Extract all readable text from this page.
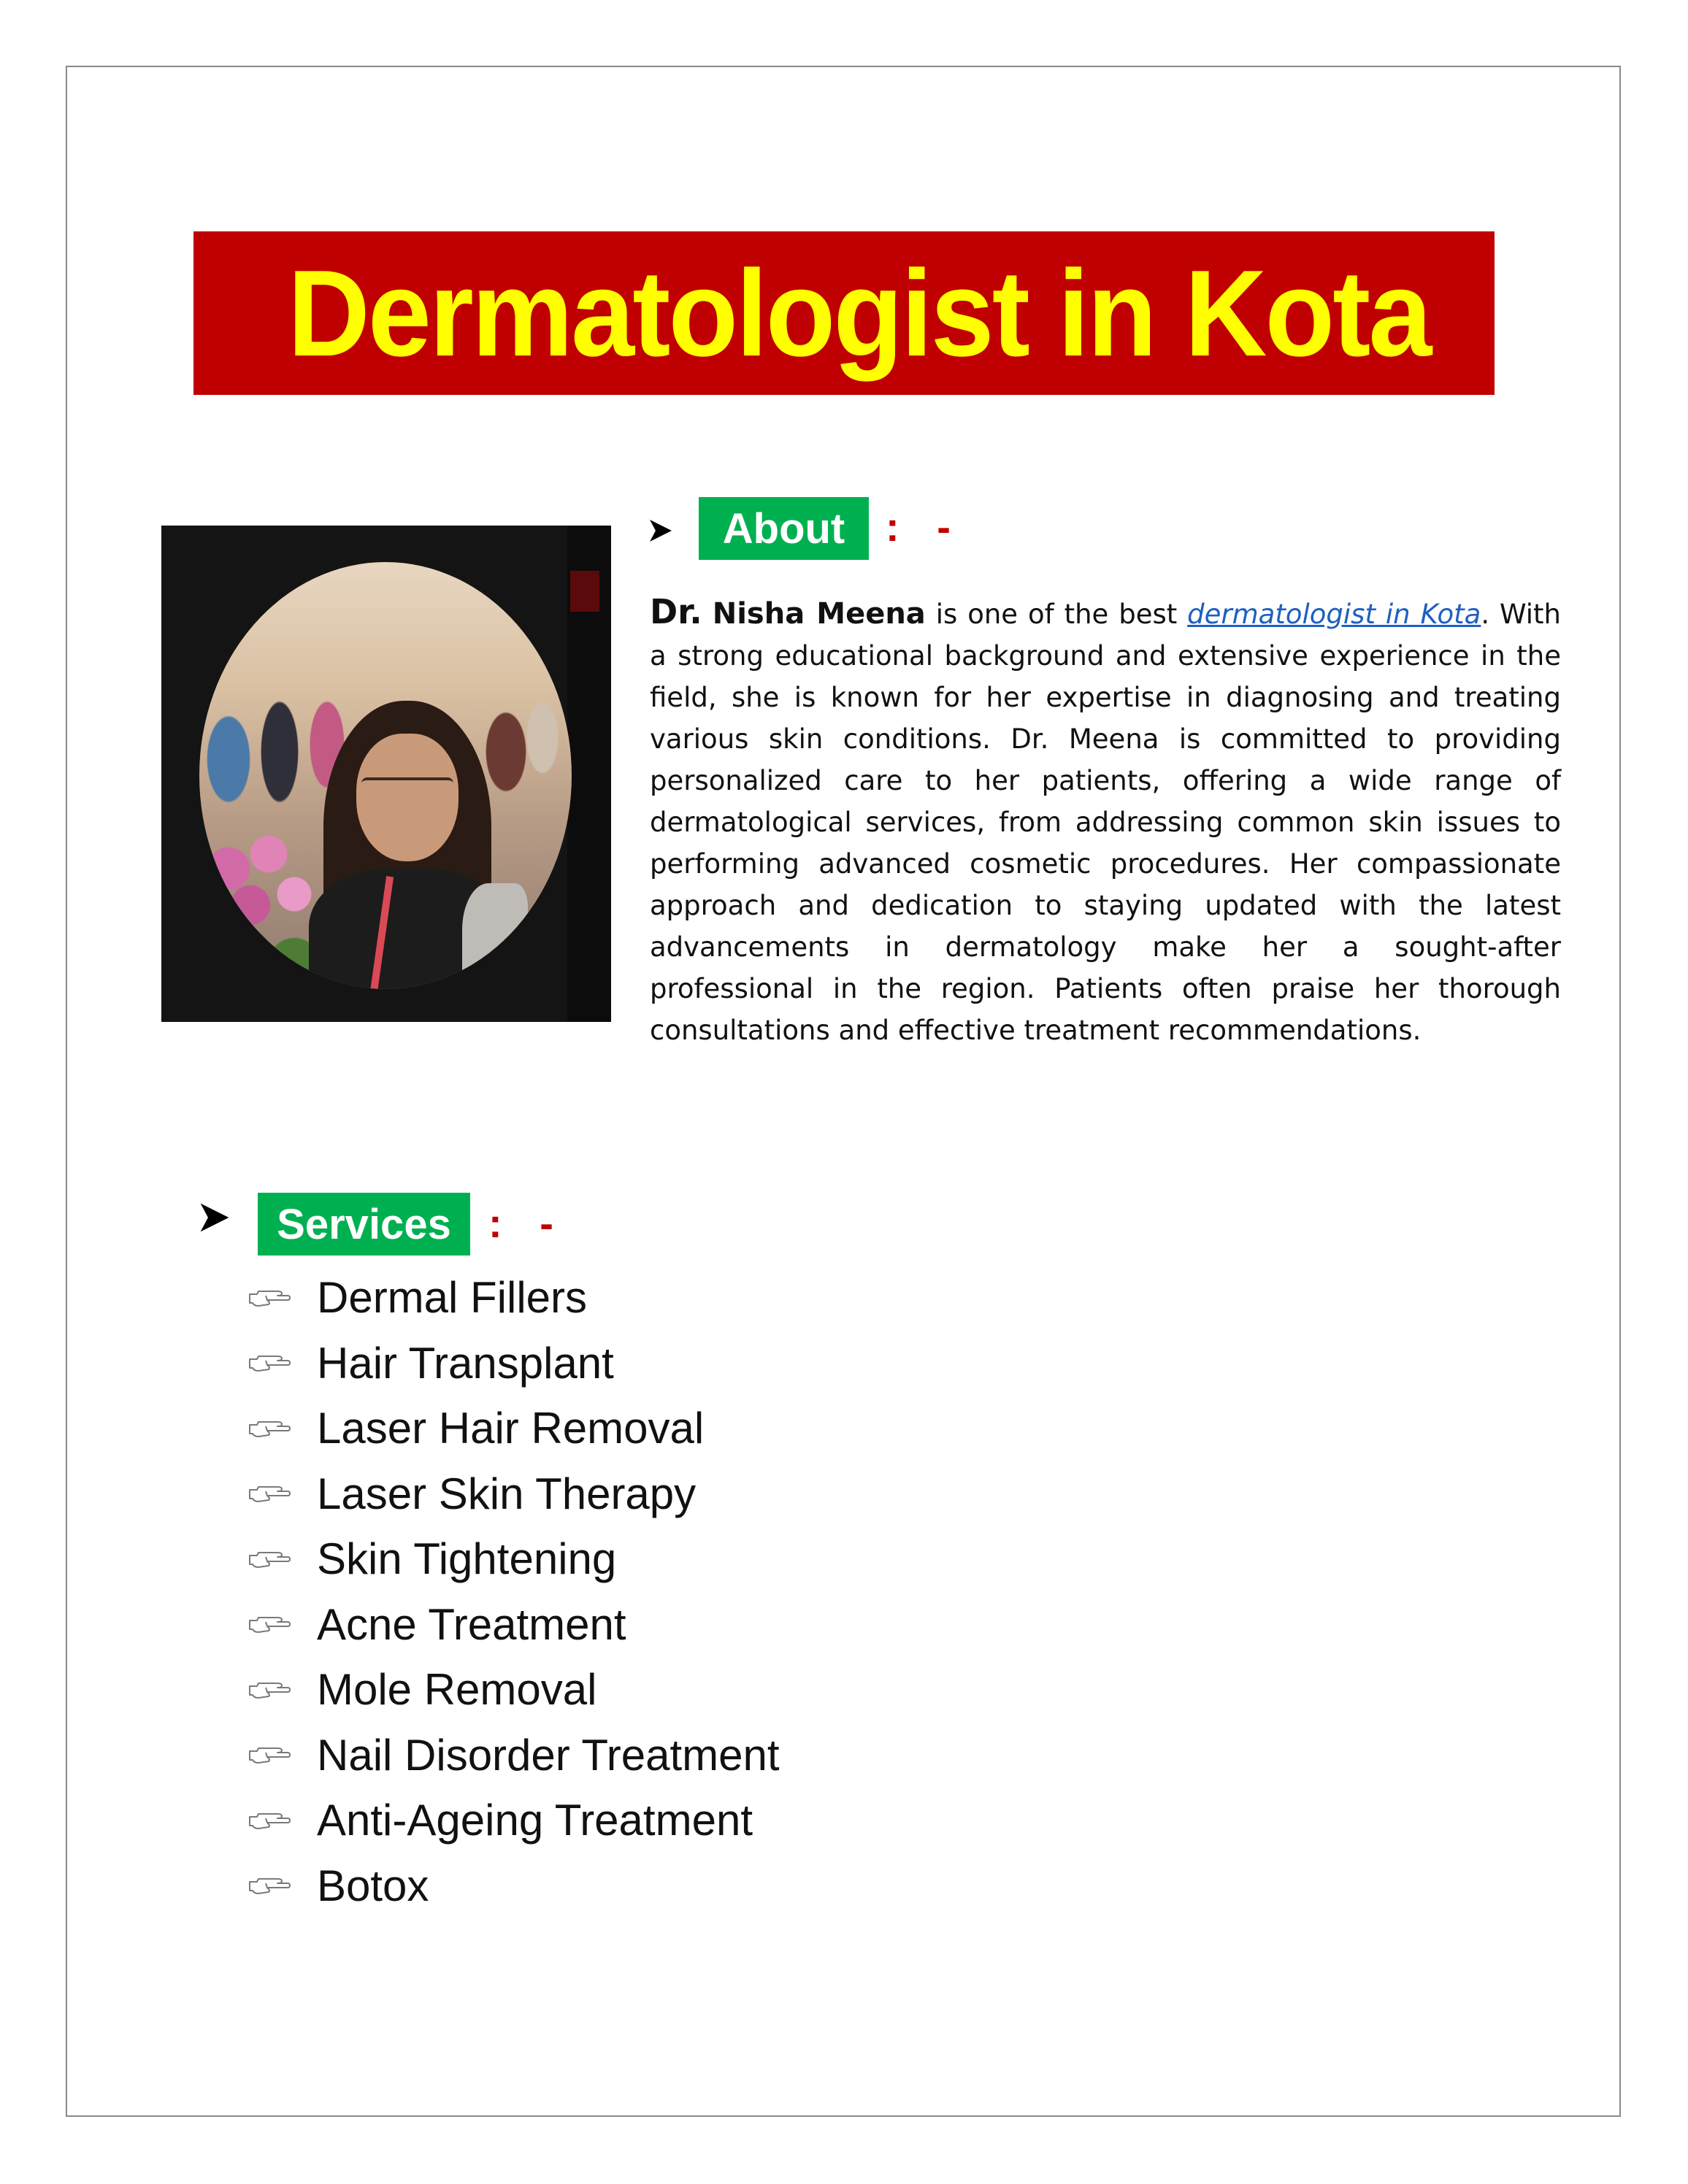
Dermatologist in Kota
About : -
Dr. Nisha Meena is one of the best dermatologist in Kota. With a strong educational background and extensive experience in the field, she is known for her expertise in diagnosing and treating various skin conditions. Dr. Meena is committed to providing personalized care to her patients, offering a wide range of dermatological services, from addressing common skin issues to performing advanced cosmetic procedures. Her compassionate approach and dedication to staying updated with the latest advancements in dermatology make her a sought-after professional in the region. Patients often praise her thorough consultations and effective treatment recommendations.
Services : -
Dermal Fillers
Hair Transplant
Laser Hair Removal
Laser Skin Therapy
Skin Tightening
Acne Treatment
Mole Removal
Nail Disorder Treatment
Anti-Ageing Treatment
Botox
